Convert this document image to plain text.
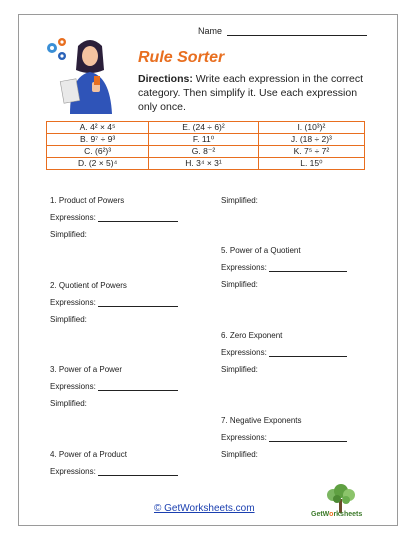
Name
Rule Sorter
Directions: Write each expression in the correct category. Then simplify it. Use each expression only once.
A. 4² × 4⁵	E. (24 ÷ 6)²	I. (10³)²
B. 9⁷ ÷ 9³	F. 11⁰	J. (18 ÷ 2)³
C. (6²)³	G. 8⁻²	K. 7⁵ ÷ 7²
D. (2 × 5)⁴	H. 3⁴ × 3¹	L. 15⁰
1. Product of Powers
Expressions:
Simplified:
2. Quotient of Powers
Expressions:
Simplified:
3. Power of a Power
Expressions:
Simplified:
4. Power of a Product
Expressions:
Simplified:
5. Power of a Quotient
Expressions:
Simplified:
6. Zero Exponent
Expressions:
Simplified:
7. Negative Exponents
Expressions:
Simplified:
© GetWorksheets.com
GetWorksheets
